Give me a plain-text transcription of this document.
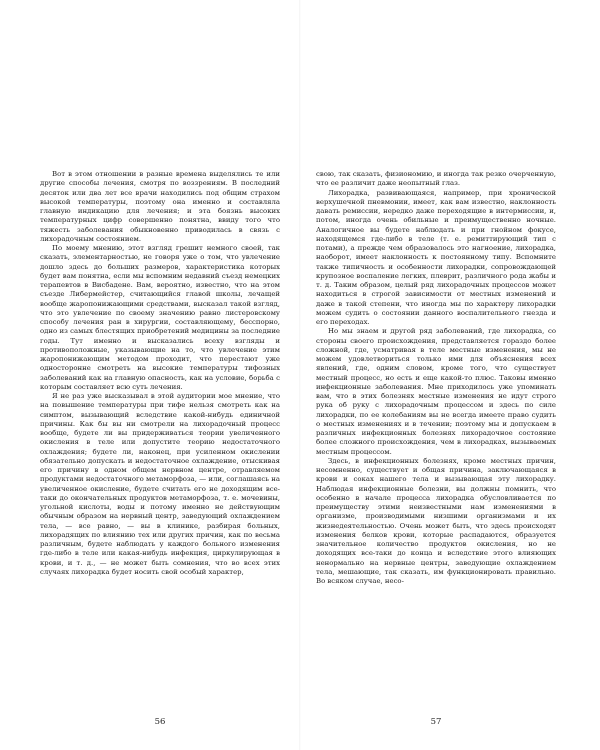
Вот в этом отношении в разные времена выделялись те или другие способы лечения, смотря по воззрениям. В последний десяток или два лет все врачи находились под общим страхом высокой температуры, поэтому она именно и составляла главную индикацию для лечения; и эта боязнь высоких температурных цифр совершенно понятна, ввиду того что тяжесть заболевания обыкновенно приводилась в связь с лихорадочным состоянием.

По моему мнению, этот взгляд грешит немного своей, так сказать, элементарностью, не говоря уже о том, что увлечение дошло здесь до больших размеров, характеристика которых будет вам понятна, если мы вспомним недавний съезд немецких терапевтов в Висбадене. Вам, вероятно, известно, что на этом съезде Либермейстер, считающийся главой школы, лечащей вообще жаропонижающими средствами, высказал такой взгляд, что это увлечение по своему значению равно листеровскому способу лечения ран в хирургии, составляющему, бесспорно, одно из самых блестящих приобретений медицины за последние годы. Тут именно и высказались всеху взгляды и противоположные, указывающие на то, что увлечение этим жаропонижающим методом проходит, что перестают уже односторонне смотреть на высокие температуры тифозных заболеваний как на главную опасность, как на условие, борьба с которым составляет всю суть лечения.

Я не раз уже высказывал в этой аудитории мое мнение, что на повышение температуры при тифе нельзя смотреть как на симптом, вызывающий вследствие какой-нибудь единичной причины. Как бы вы ни смотрели на лихорадочный процесс вообще, будете ли вы придерживаться теории увеличенного окисления в теле или допустите теорию недостаточного охлаждения; будете ли, наконец, при усиленном окислении обязательно допускать и недостаточное охлаждение, отыскивая его причину в одном общем нервном центре, отравляемом продуктами недостаточного метаморфоза, — или, соглашаясь на увеличенное окисление, будете считать его не доходящим все-таки до окончательных продуктов метаморфоза, т. е. мочевины, угольной кислоты, воды и потому именно не действующим обычным образом на нервный центр, заведующий охлаждением тела, — все равно, — вы в клинике, разбирая больных, лихорадящих по влиянию тех или других причин, как по весьма различным, будете наблюдать у каждого больного изменения где-либо в теле или какая-нибудь инфекция, циркулирующая в крови, и т. д., — не может быть сомнения, что во всех этих случаях лихорадка будет носить свой особый характер,

свою, так сказать, физиономию, и иногда так резко очерченную, что ее различит даже неопытный глаз.

Лихорадка, развивающаяся, например, при хронической верхушечной пневмонии, имеет, как вам известно, наклонность давать ремиссии, нередко даже переходящие в интермиссии, и, потом, иногда очень обильные и преимущественно ночные. Аналогичное вы будете наблюдать и при гнойном фокусе, находящемся где-либо в теле (т. е. ремиттирующий тип с потами), а прежде чем образовалось это нагноение, лихорадка, наоборот, имеет наклонность к постоянному типу. Вспомните также типичность и особенности лихорадки, сопровождающей крупозное воспаление легких, плеврит, различного рода жабы и т. д. Таким образом, целый ряд лихорадочных процессов может находиться в строгой зависимости от местных изменений и даже в такой степени, что иногда мы по характеру лихорадки можем судить о состоянии данного воспалительного гнезда и его переходах.

Но мы знаем и другой ряд заболеваний, где лихорадка, со стороны своего происхождения, представляется гораздо более сложной, где, усматривая в теле местные изменения, мы не можем удовлетвориться только ими для объяснения всех явлений, где, одним словом, кроме того, что существует местный процесс, но есть и еще какой-то плюс. Таковы именно инфекционные заболевания. Мне приходилось уже упоминать вам, что в этих болезнях местные изменения не идут строго рука об руку с лихорадочным процессом и здесь по силе лихорадки, по ее колебаниям вы не всегда имеете право судить о местных изменениях и в течении; поэтому мы и допускаем в различных инфекционных болезнях лихорадочное состояние более сложного происхождения, чем в лихорадках, вызываемых местным процессом.

Здесь, в инфекционных болезнях, кроме местных причин, несомненно, существует и общая причина, заключающаяся в крови и соках нашего тела и вызывающая эту лихорадку. Наблюдая инфекционные болезни, вы должны помнить, что особенно в начале процесса лихорадка обусловливается по преимуществу этими неизвестными нам изменениями в организме, производимыми низшими организмами и их жизнедеятельностью. Очень может быть, что здесь происходят изменения белков крови, которые распадаются, образуется значительное количество продуктов окисления, но не доходящих все-таки до конца и вследствие этого влияющих ненормально на нервные центры, заведующие охлаждением тела, мешающие, так сказать, им функционировать правильно. Во всяком случае, несо-

56	57
